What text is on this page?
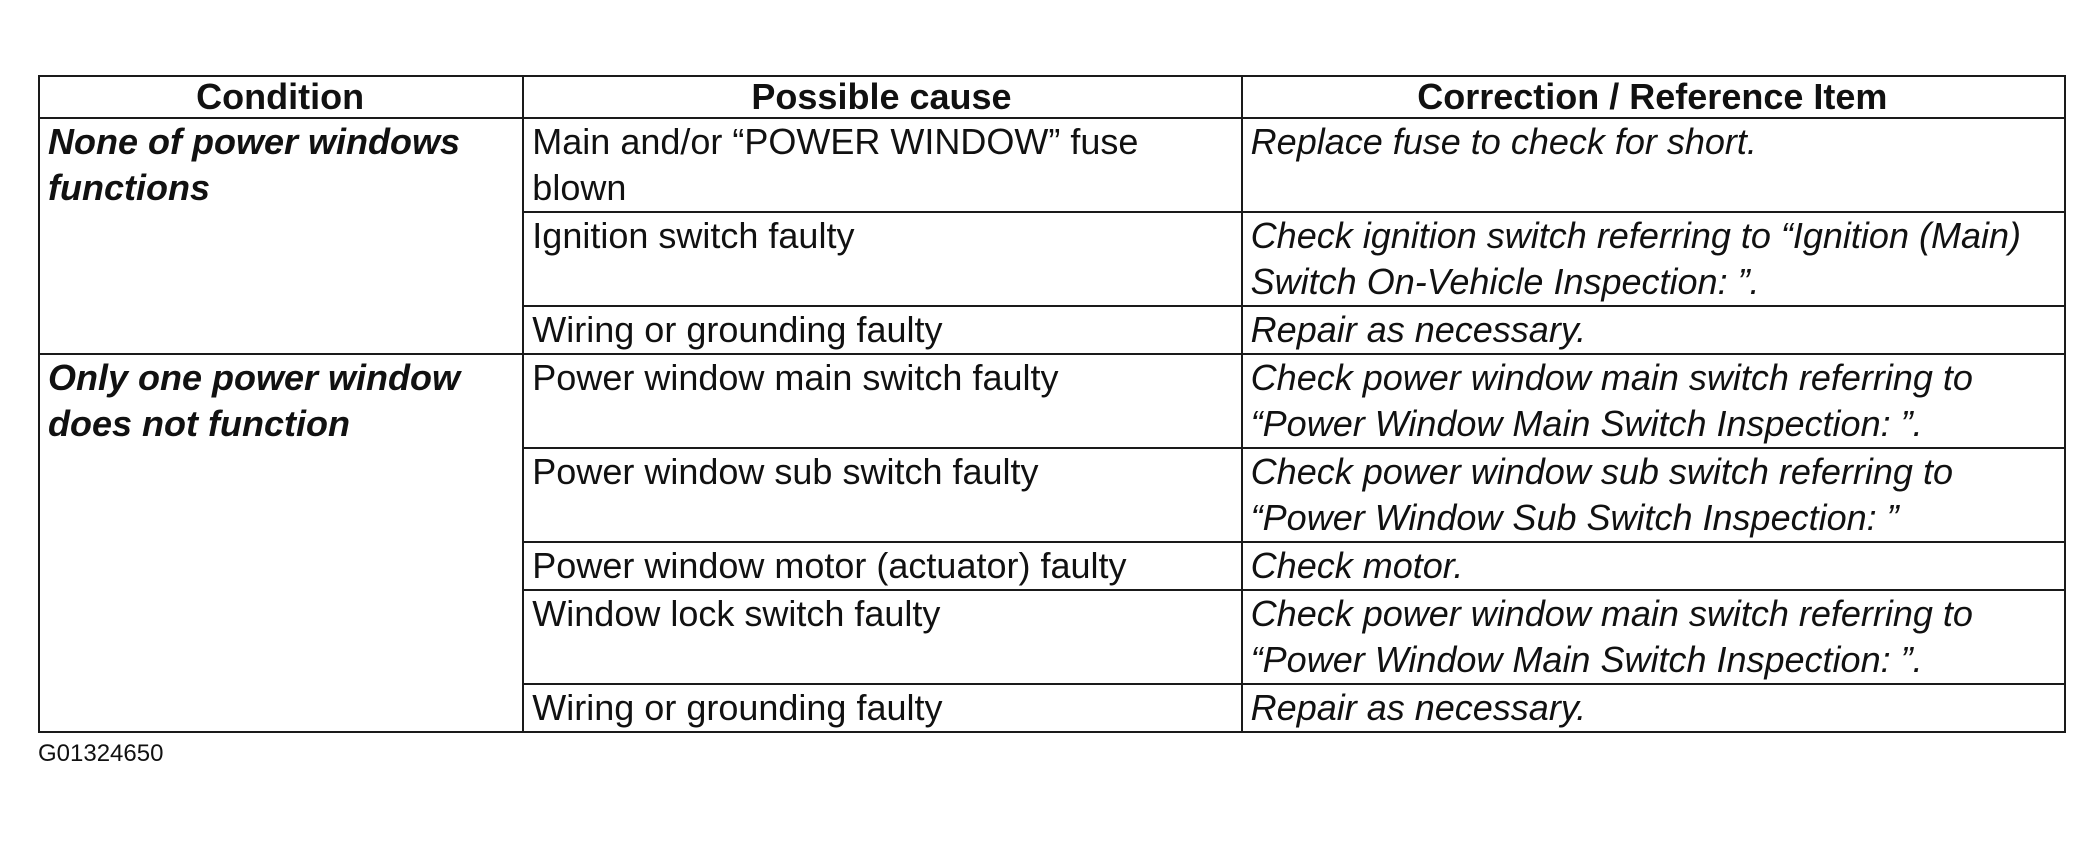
Condition	Possible cause	Correction / Reference Item
None of power windows functions	Main and/or “POWER WINDOW” fuse blown	Replace fuse to check for short.
	Ignition switch faulty	Check ignition switch referring to “Ignition (Main) Switch On-Vehicle Inspection: ”.
	Wiring or grounding faulty	Repair as necessary.
Only one power window does not function	Power window main switch faulty	Check power window main switch referring to “Power Window Main Switch Inspection: ”.
	Power window sub switch faulty	Check power window sub switch referring to “Power Window Sub Switch Inspection: ”
	Power window motor (actuator) faulty	Check motor.
	Window lock switch faulty	Check power window main switch referring to “Power Window Main Switch Inspection: ”.
	Wiring or grounding faulty	Repair as necessary.
G01324650
